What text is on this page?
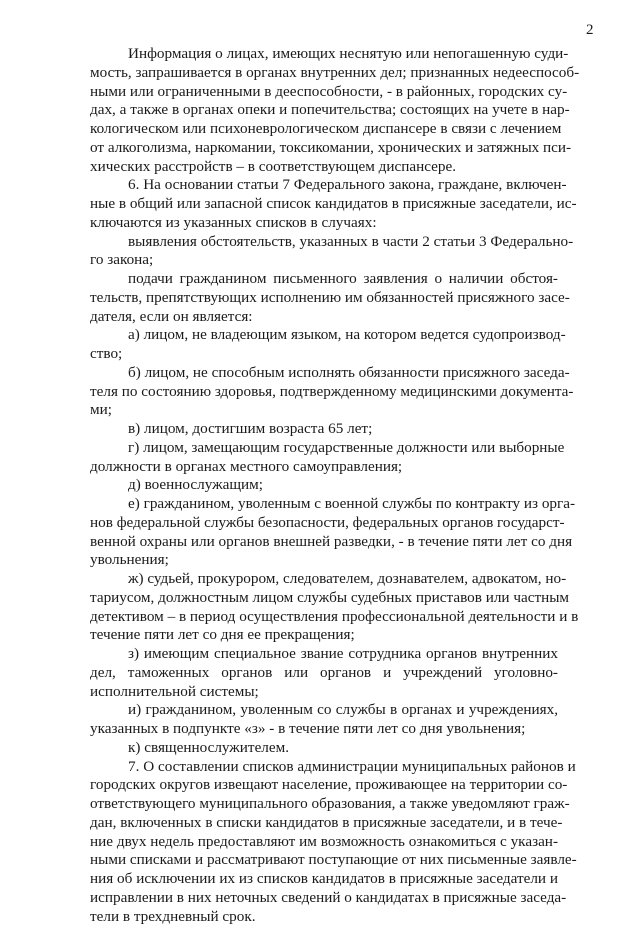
2
Информация о лицах, имеющих неснятую или непогашенную суди-
мость, запрашивается в органах внутренних дел; признанных недееспособ-
ными или ограниченными в дееспособности, - в районных, городских су-
дах, а также в органах опеки и попечительства; состоящих на учете в нар-
кологическом или психоневрологическом диспансере в связи с лечением
от алкоголизма, наркомании, токсикомании, хронических и затяжных пси-
хических расстройств – в соответствующем диспансере.
6. На основании статьи 7 Федерального закона, граждане, включен-
ные в общий или запасной список кандидатов в присяжные заседатели, ис-
ключаются из указанных списков в случаях:
выявления обстоятельств, указанных в части 2 статьи 3 Федерально-
го закона;
подачи гражданином письменного заявления о наличии обстоя-
тельств, препятствующих исполнению им обязанностей присяжного засе-
дателя, если он является:
а) лицом, не владеющим языком, на котором ведется судопроизвод-
ство;
б) лицом, не способным исполнять обязанности присяжного заседа-
теля по состоянию здоровья, подтвержденному медицинскими документа-
ми;
в) лицом, достигшим возраста 65 лет;
г) лицом, замещающим государственные должности или выборные
должности в органах местного самоуправления;
д) военнослужащим;
е) гражданином, уволенным с военной службы по контракту из орга-
нов федеральной службы безопасности, федеральных органов государст-
венной охраны или органов внешней разведки, - в течение пяти лет со дня
увольнения;
ж) судьей, прокурором, следователем, дознавателем, адвокатом, но-
тариусом, должностным лицом службы судебных приставов или частным
детективом – в период осуществления профессиональной деятельности и в
течение пяти лет со дня ее прекращения;
з) имеющим специальное звание сотрудника органов внутренних
дел, таможенных органов или органов и учреждений уголовно-
исполнительной системы;
и) гражданином, уволенным со службы в органах и учреждениях,
указанных в подпункте «з» - в течение пяти лет со дня увольнения;
к) священнослужителем.
7. О составлении списков администрации муниципальных районов и
городских округов извещают население, проживающее на территории со-
ответствующего муниципального образования, а также уведомляют граж-
дан, включенных в списки кандидатов в присяжные заседатели, и в тече-
ние двух недель предоставляют им возможность ознакомиться с указан-
ными списками и рассматривают поступающие от них письменные заявле-
ния об исключении их из списков кандидатов в присяжные заседатели и
исправлении в них неточных сведений о кандидатах в присяжные заседа-
тели в трехдневный срок.
